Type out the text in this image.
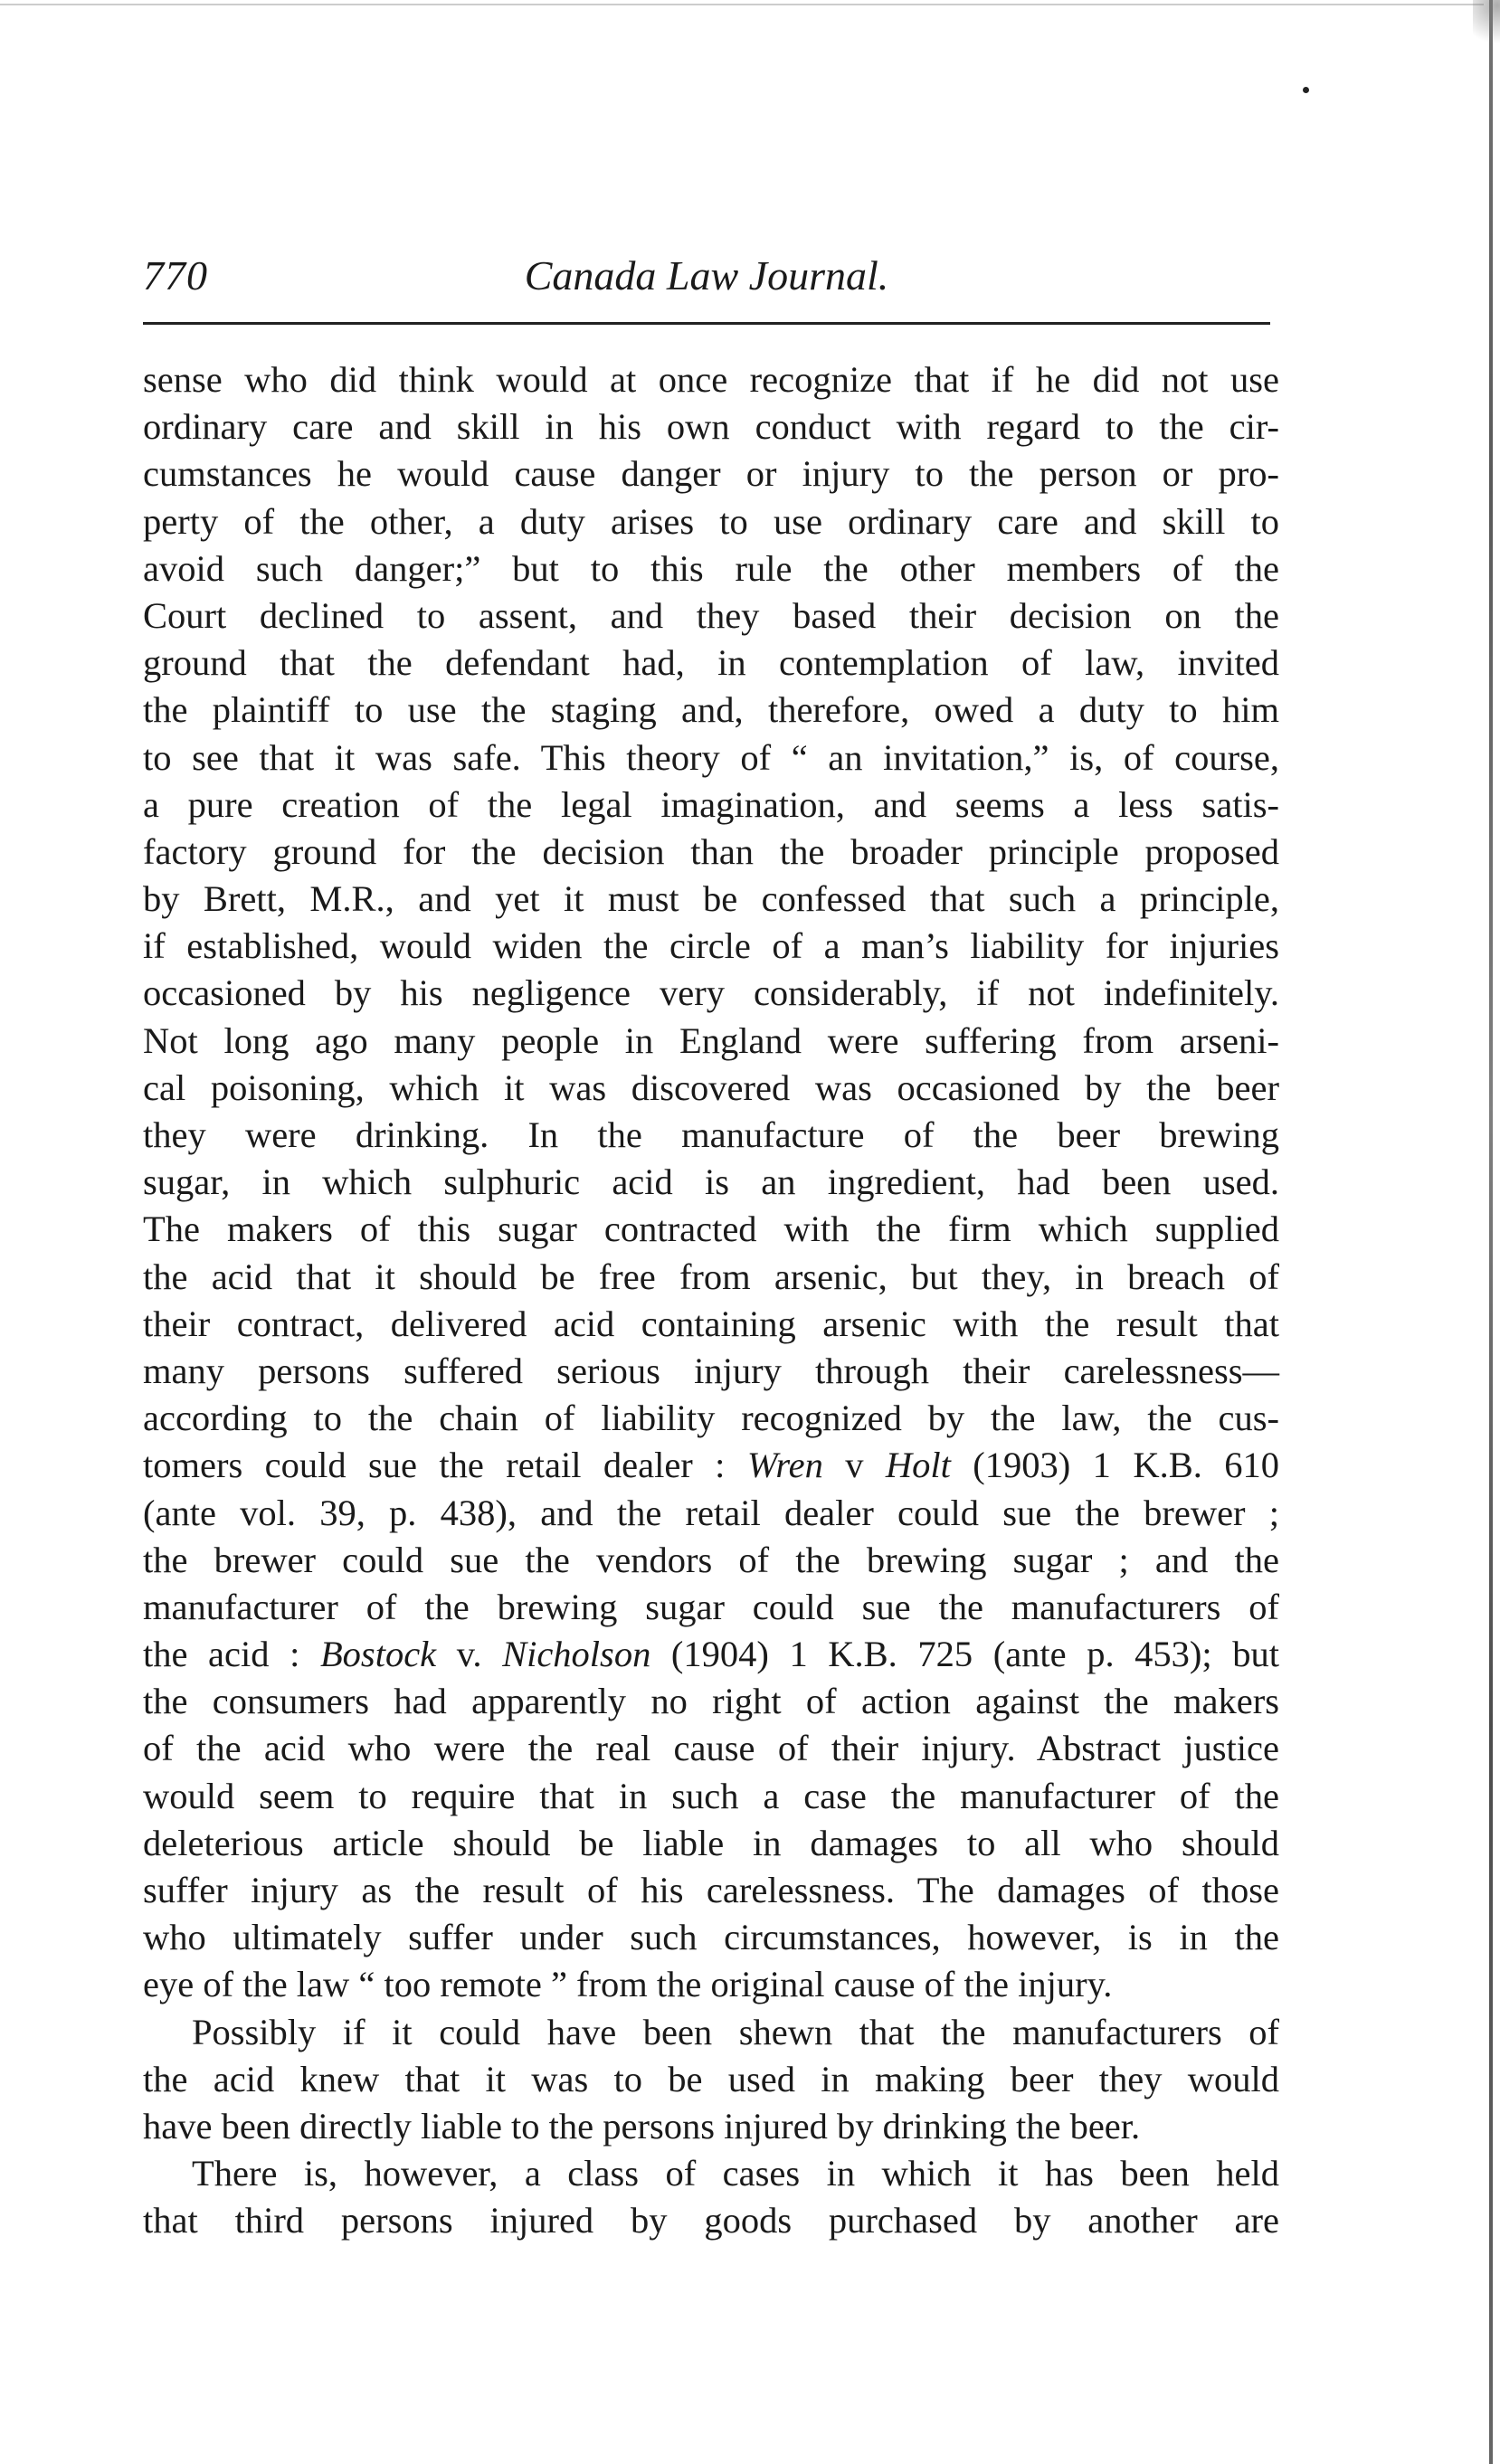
770	Canada Law Journal.
sense who did think would at once recognize that if he did not use
ordinary care and skill in his own conduct with regard to the cir-
cumstances he would cause danger or injury to the person or pro-
perty of the other, a duty arises to use ordinary care and skill to
avoid such danger;” but to this rule the other members of the
Court declined to assent, and they based their decision on the
ground that the defendant had, in contemplation of law, invited
the plaintiff to use the staging and, therefore, owed a duty to him
to see that it was safe. This theory of “ an invitation,” is, of course,
a pure creation of the legal imagination, and seems a less satis-
factory ground for the decision than the broader principle proposed
by Brett, M.R., and yet it must be confessed that such a principle,
if established, would widen the circle of a man’s liability for injuries
occasioned by his negligence very considerably, if not indefinitely.
Not long ago many people in England were suffering from arseni-
cal poisoning, which it was discovered was occasioned by the beer
they were drinking. In the manufacture of the beer brewing
sugar, in which sulphuric acid is an ingredient, had been used.
The makers of this sugar contracted with the firm which supplied
the acid that it should be free from arsenic, but they, in breach of
their contract, delivered acid containing arsenic with the result that
many persons suffered serious injury through their carelessness—
according to the chain of liability recognized by the law, the cus-
tomers could sue the retail dealer : Wren v Holt (1903) 1 K.B. 610
(ante vol. 39, p. 438), and the retail dealer could sue the brewer ;
the brewer could sue the vendors of the brewing sugar ; and the
manufacturer of the brewing sugar could sue the manufacturers of
the acid : Bostock v. Nicholson (1904) 1 K.B. 725 (ante p. 453); but
the consumers had apparently no right of action against the makers
of the acid who were the real cause of their injury. Abstract justice
would seem to require that in such a case the manufacturer of the
deleterious article should be liable in damages to all who should
suffer injury as the result of his carelessness. The damages of those
who ultimately suffer under such circumstances, however, is in the
eye of the law “ too remote ” from the original cause of the injury.
Possibly if it could have been shewn that the manufacturers of
the acid knew that it was to be used in making beer they would
have been directly liable to the persons injured by drinking the beer.
There is, however, a class of cases in which it has been held
that third persons injured by goods purchased by another are
